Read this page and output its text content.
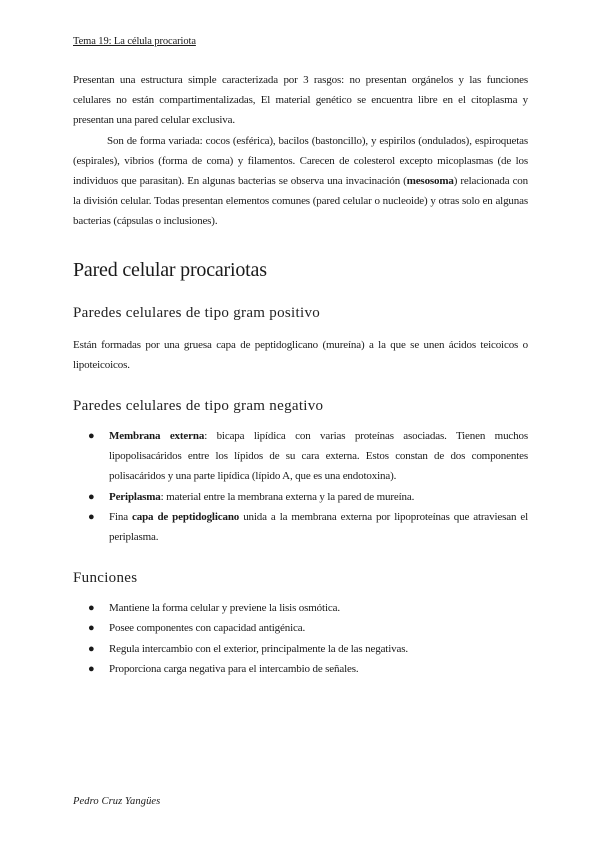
Tema 19: La célula procariota

Presentan una estructura simple caracterizada por 3 rasgos: no presentan orgánelos y las funciones celulares no están compartimentalizadas, El material genético se encuentra libre en el citoplasma y presentan una pared celular exclusiva.

Son de forma variada: cocos (esférica), bacilos (bastoncillo), y espirilos (ondulados), espiroquetas (espirales), vibrios (forma de coma) y filamentos. Carecen de colesterol excepto micoplasmas (de los individuos que parasitan). En algunas bacterias se observa una invacinación (mesosoma) relacionada con la división celular. Todas presentan elementos comunes (pared celular o nucleoide) y otras solo en algunas bacterias (cápsulas o inclusiones).

Pared celular procariotas
Paredes celulares de tipo gram positivo

Están formadas por una gruesa capa de peptidoglicano (mureína) a la que se unen ácidos teicoicos o lipoteicoicos.

Paredes celulares de tipo gram negativo
● Membrana externa: bicapa lipídica con varias proteínas asociadas. Tienen muchos lipopolisacáridos entre los lípidos de su cara externa. Estos constan de dos componentes polisacáridos y una parte lipídica (lípido A, que es una endotoxina).
● Periplasma: material entre la membrana externa y la pared de mureína.
● Fina capa de peptidoglicano unida a la membrana externa por lipoproteínas que atraviesan el periplasma.
Funciones
● Mantiene la forma celular y previene la lisis osmótica.
● Posee componentes con capacidad antigénica.
● Regula intercambio con el exterior, principalmente la de las negativas.
● Proporciona carga negativa para el intercambio de señales.
Pedro Cruz Yangües
